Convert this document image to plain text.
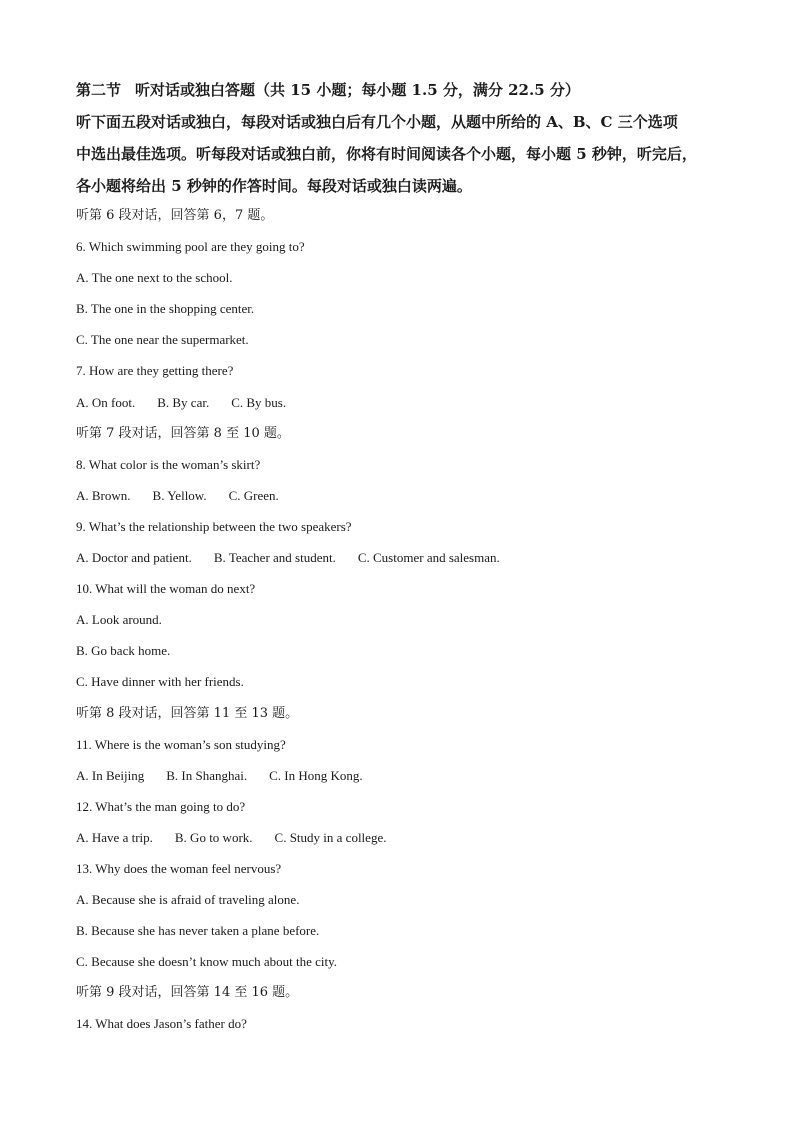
第二节 听对话或独白答题（共 15 小题；每小题 1.5 分，满分 22.5 分）

听下面五段对话或独白，每段对话或独白后有几个小题，从题中所给的 A、B、C 三个选项

中选出最佳选项。听每段对话或独白前，你将有时间阅读各个小题，每小题 5 秒钟，听完后，

各小题将给出 5 秒钟的作答时间。每段对话或独白读两遍。

听第 6 段对话，回答第 6，7 题。

6. Which swimming pool are they going to?

A. The one next to the school.

B. The one in the shopping center.

C. The one near the supermarket.

7. How are they getting there?

A. On foot. B. By car. C. By bus.

听第 7 段对话，回答第 8 至 10 题。

8. What color is the woman’s skirt?

A. Brown. B. Yellow. C. Green.

9. What’s the relationship between the two speakers?

A. Doctor and patient. B. Teacher and student. C. Customer and salesman.

10. What will the woman do next?

A. Look around.

B. Go back home.

C. Have dinner with her friends.

听第 8 段对话，回答第 11 至 13 题。

11. Where is the woman’s son studying?

A. In Beijing B. In Shanghai. C. In Hong Kong.

12. What’s the man going to do?

A. Have a trip. B. Go to work. C. Study in a college.

13. Why does the woman feel nervous?

A. Because she is afraid of traveling alone.

B. Because she has never taken a plane before.

C. Because she doesn’t know much about the city.

听第 9 段对话，回答第 14 至 16 题。

14. What does Jason’s father do?
